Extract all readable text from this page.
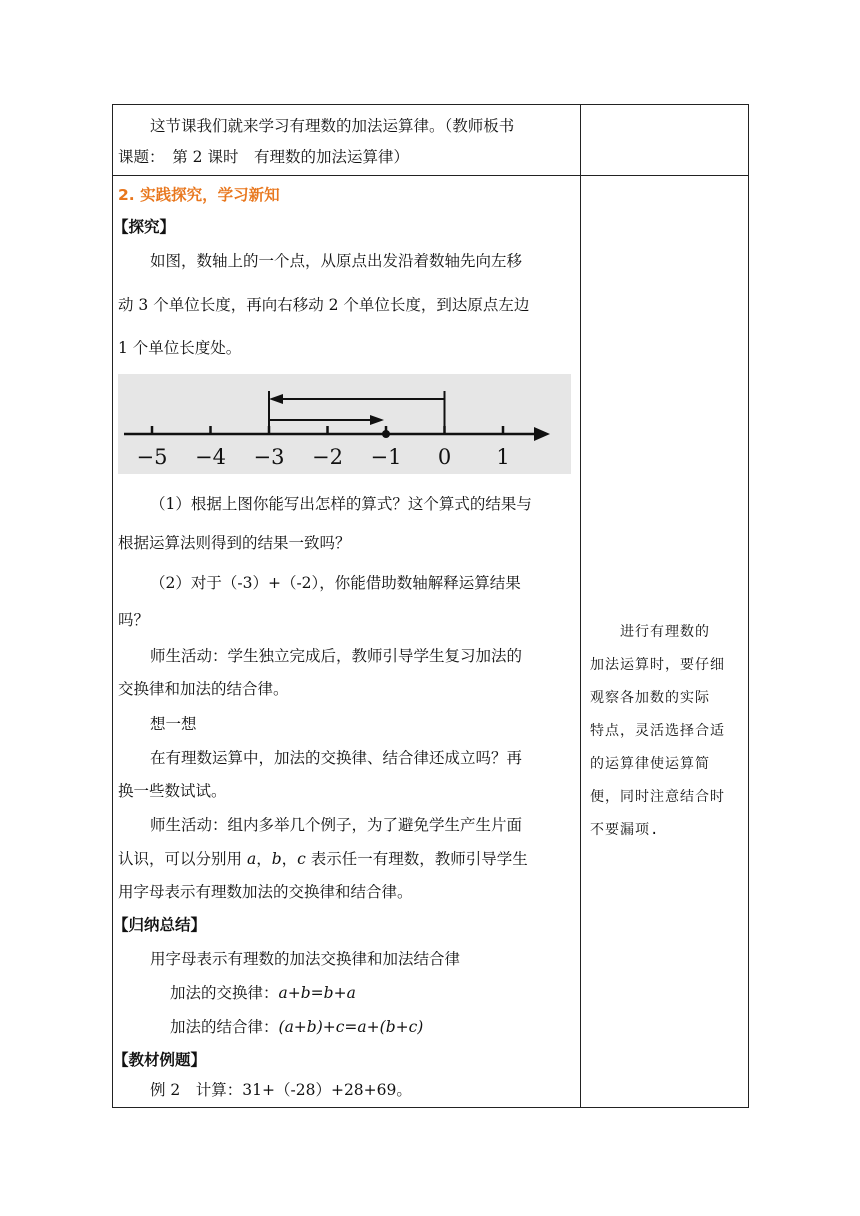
这节课我们就来学习有理数的加法运算律。（教师板书
课题：　第 2 课时　有理数的加法运算律）
2. 实践探究，学习新知
【探究】
如图，数轴上的一个点，从原点出发沿着数轴先向左移
动 3 个单位长度，再向右移动 2 个单位长度，到达原点左边
1 个单位长度处。
−5 −4 −3 −2 −1 0 1
（1）根据上图你能写出怎样的算式？这个算式的结果与
根据运算法则得到的结果一致吗？
（2）对于（-3）+（-2），你能借助数轴解释运算结果
吗？
师生活动：学生独立完成后，教师引导学生复习加法的
交换律和加法的结合律。
想一想
在有理数运算中，加法的交换律、结合律还成立吗？再
换一些数试试。
师生活动：组内多举几个例子，为了避免学生产生片面
认识，可以分别用 a，b，c 表示任一有理数，教师引导学生
用字母表示有理数加法的交换律和结合律。
【归纳总结】
用字母表示有理数的加法交换律和加法结合律
加法的交换律：a+b=b+a
加法的结合律：(a+b)+c=a+(b+c)
【教材例题】
例 2　计算：31+（-28）+28+69。
进行有理数的
加法运算时，要仔细
观察各加数的实际
特点，灵活选择合适
的运算律使运算简
便，同时注意结合时
不要漏项.
